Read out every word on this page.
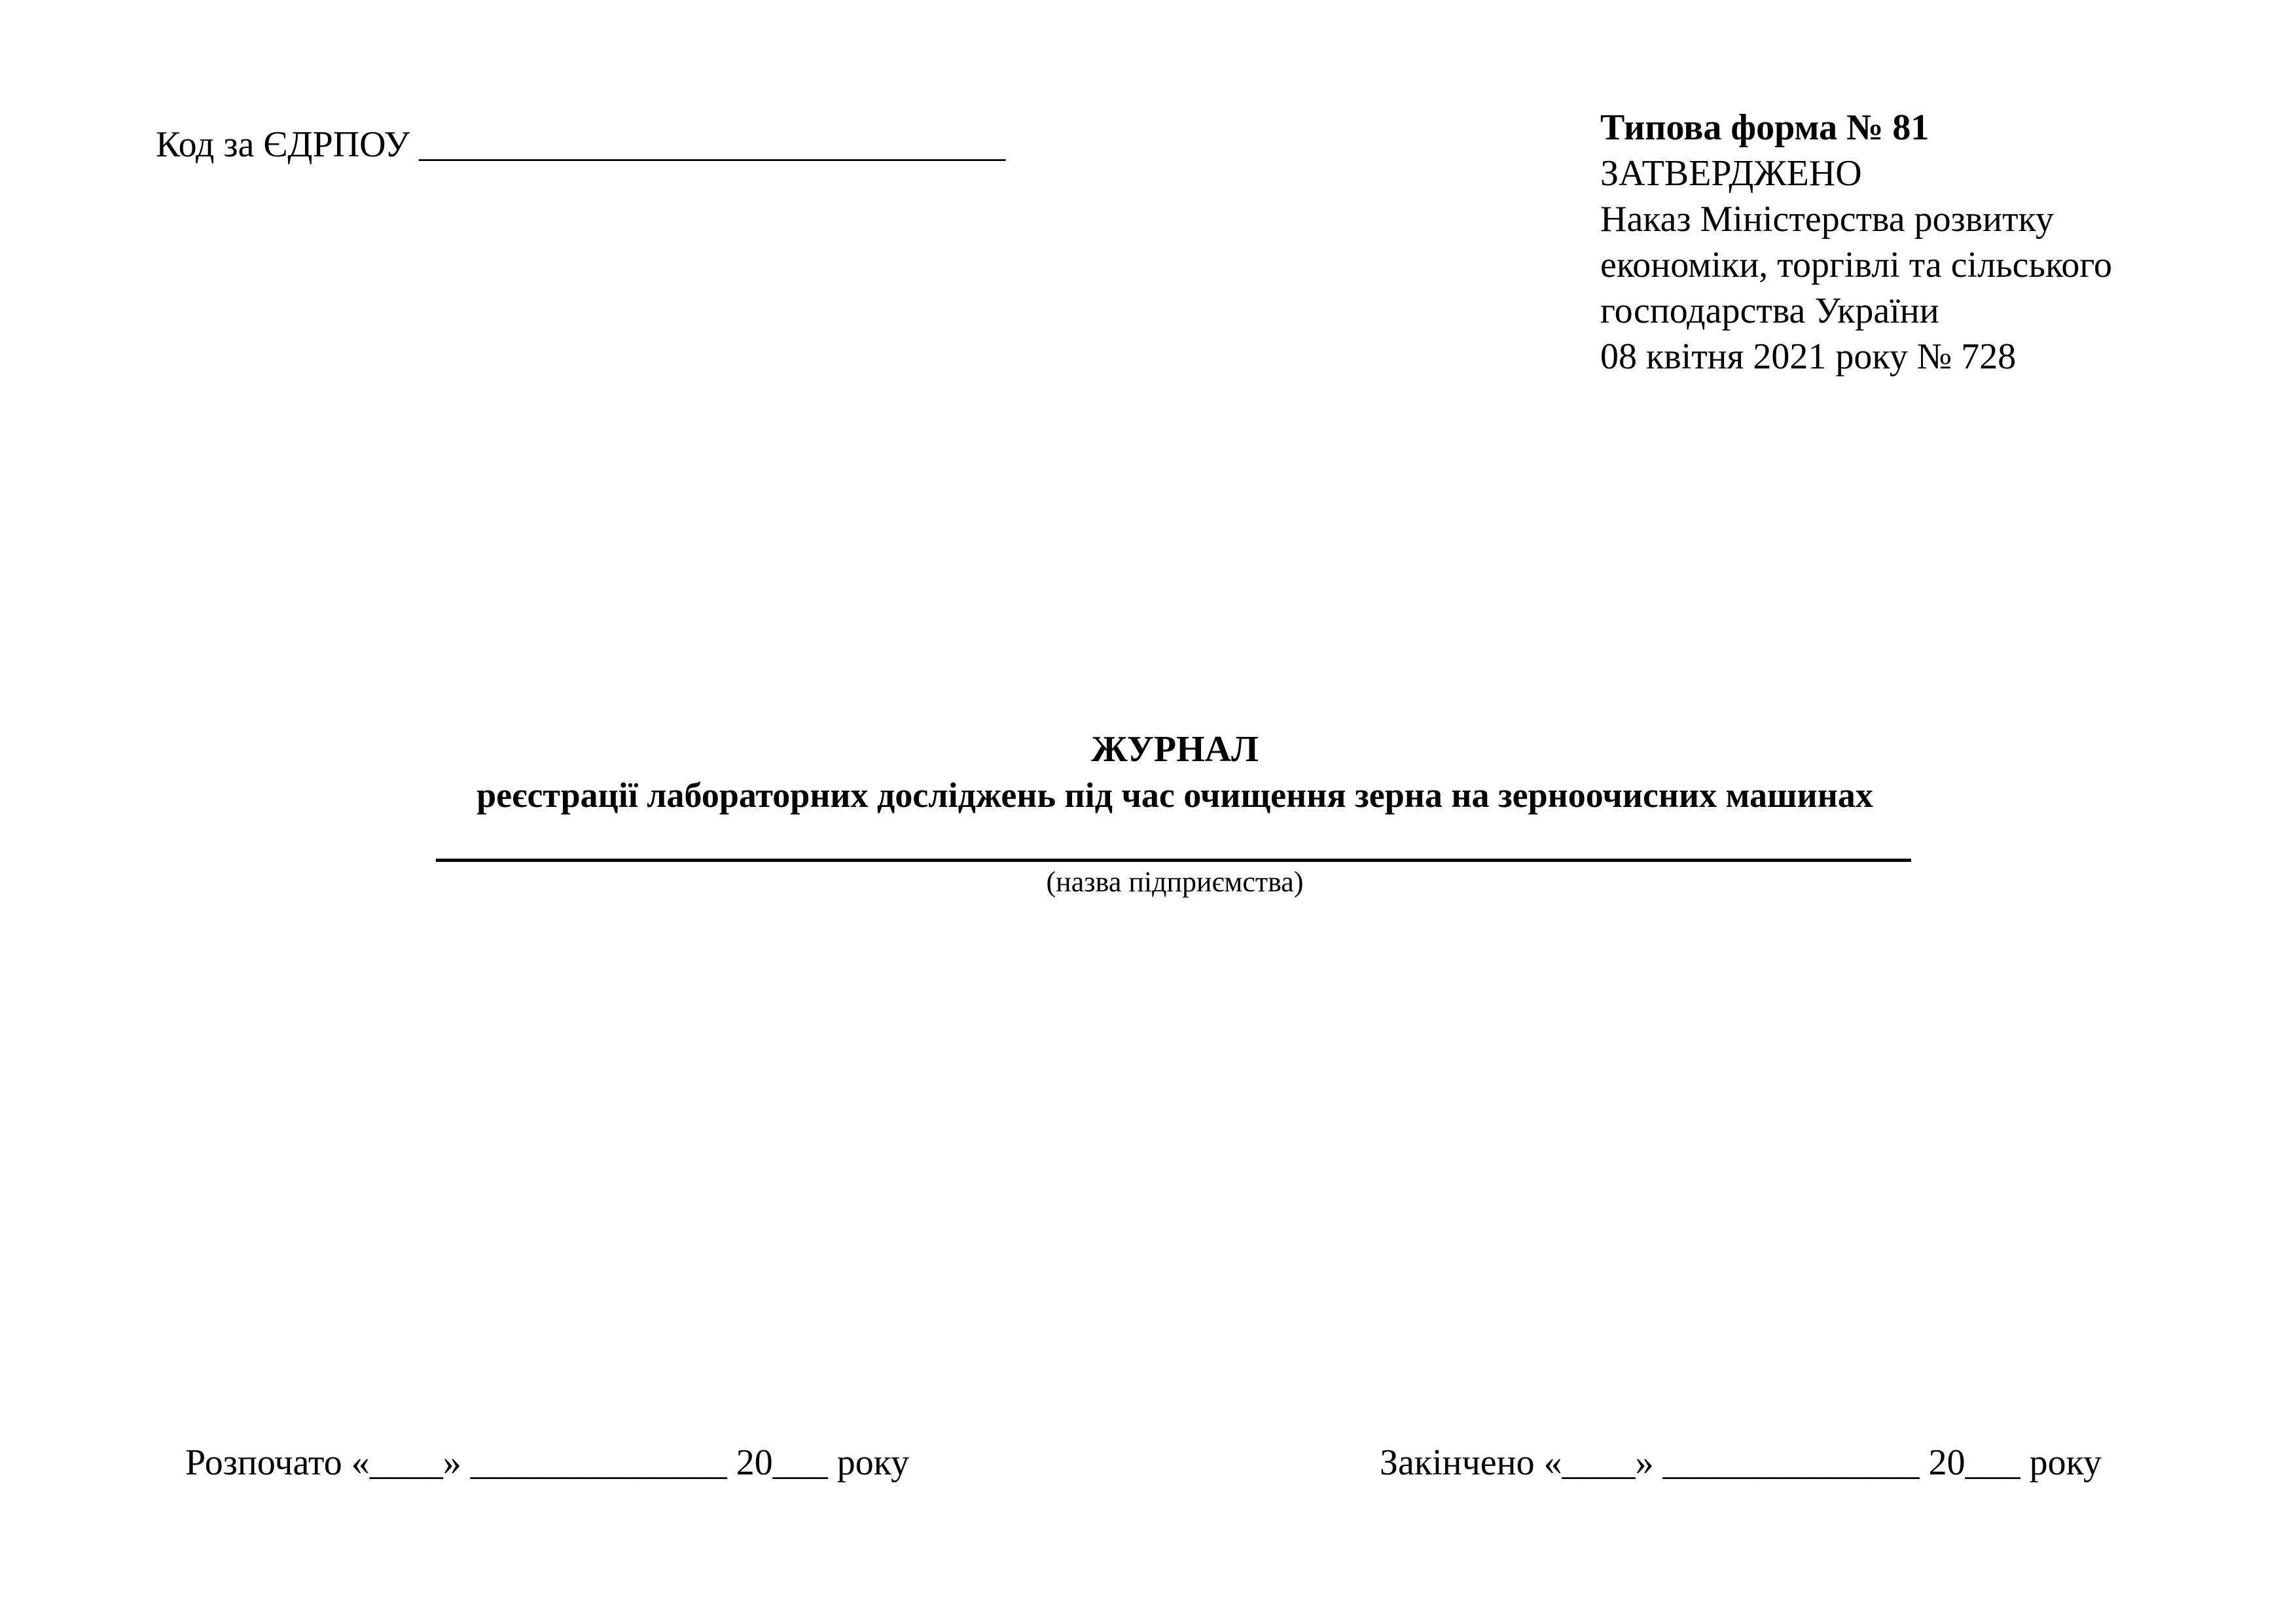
Код за ЄДРПОУ ________________________________	Типова форма № 81
ЗАТВЕРДЖЕНО
Наказ Міністерства розвитку
економіки, торгівлі та сільського
господарства України
08 квітня 2021 року № 728
ЖУРНАЛ
реєстрації лабораторних досліджень під час очищення зерна на зерноочисних машинах
(назва підприємства)
Розпочато «____» ______________ 20___ року	Закінчено «____» ______________ 20___ року
